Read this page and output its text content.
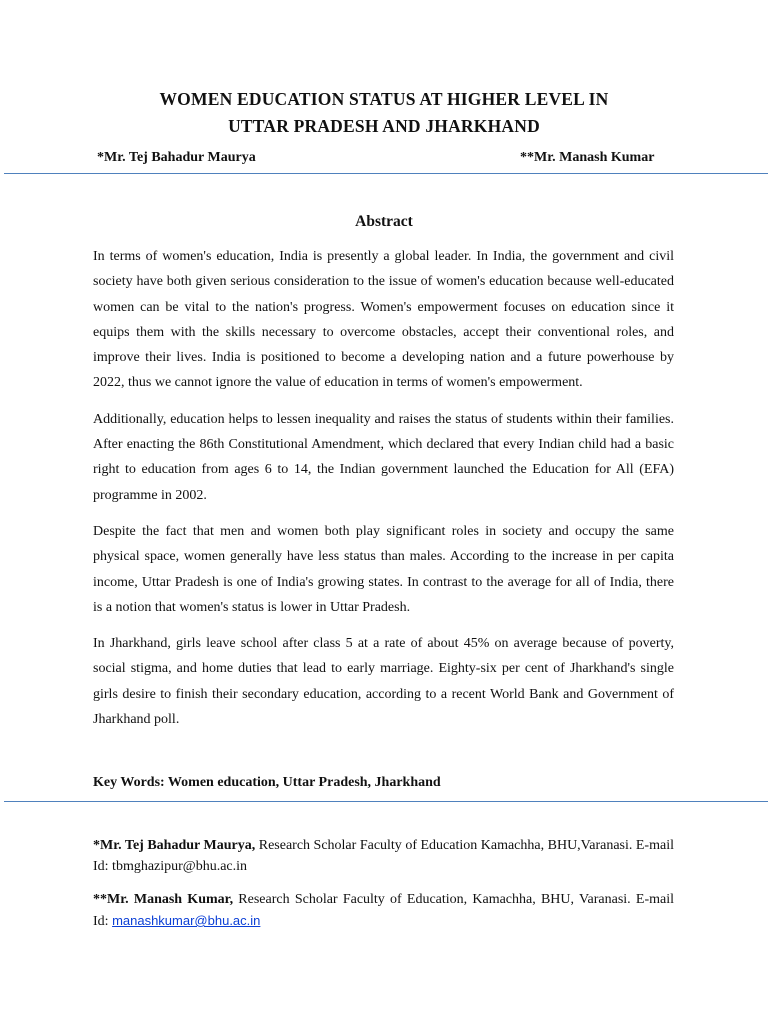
WOMEN EDUCATION STATUS AT HIGHER LEVEL IN
UTTAR PRADESH AND JHARKHAND
*Mr. Tej Bahadur Maurya	**Mr. Manash Kumar
Abstract

In terms of women's education, India is presently a global leader. In India, the government and civil society have both given serious consideration to the issue of women's education because well-educated women can be vital to the nation's progress. Women's empowerment focuses on education since it equips them with the skills necessary to overcome obstacles, accept their conventional roles, and improve their lives. India is positioned to become a developing nation and a future powerhouse by 2022, thus we cannot ignore the value of education in terms of women's empowerment.

Additionally, education helps to lessen inequality and raises the status of students within their families. After enacting the 86th Constitutional Amendment, which declared that every Indian child had a basic right to education from ages 6 to 14, the Indian government launched the Education for All (EFA) programme in 2002.

Despite the fact that men and women both play significant roles in society and occupy the same physical space, women generally have less status than males. According to the increase in per capita income, Uttar Pradesh is one of India's growing states. In contrast to the average for all of India, there is a notion that women's status is lower in Uttar Pradesh.

In Jharkhand, girls leave school after class 5 at a rate of about 45% on average because of poverty, social stigma, and home duties that lead to early marriage. Eighty-six per cent of Jharkhand's single girls desire to finish their secondary education, according to a recent World Bank and Government of Jharkhand poll.

Key Words: Women education, Uttar Pradesh, Jharkhand

*Mr. Tej Bahadur Maurya, Research Scholar Faculty of Education Kamachha, BHU,Varanasi. E-mail Id: tbmghazipur@bhu.ac.in

**Mr. Manash Kumar, Research Scholar Faculty of Education, Kamachha, BHU, Varanasi. E-mail Id: manashkumar@bhu.ac.in
